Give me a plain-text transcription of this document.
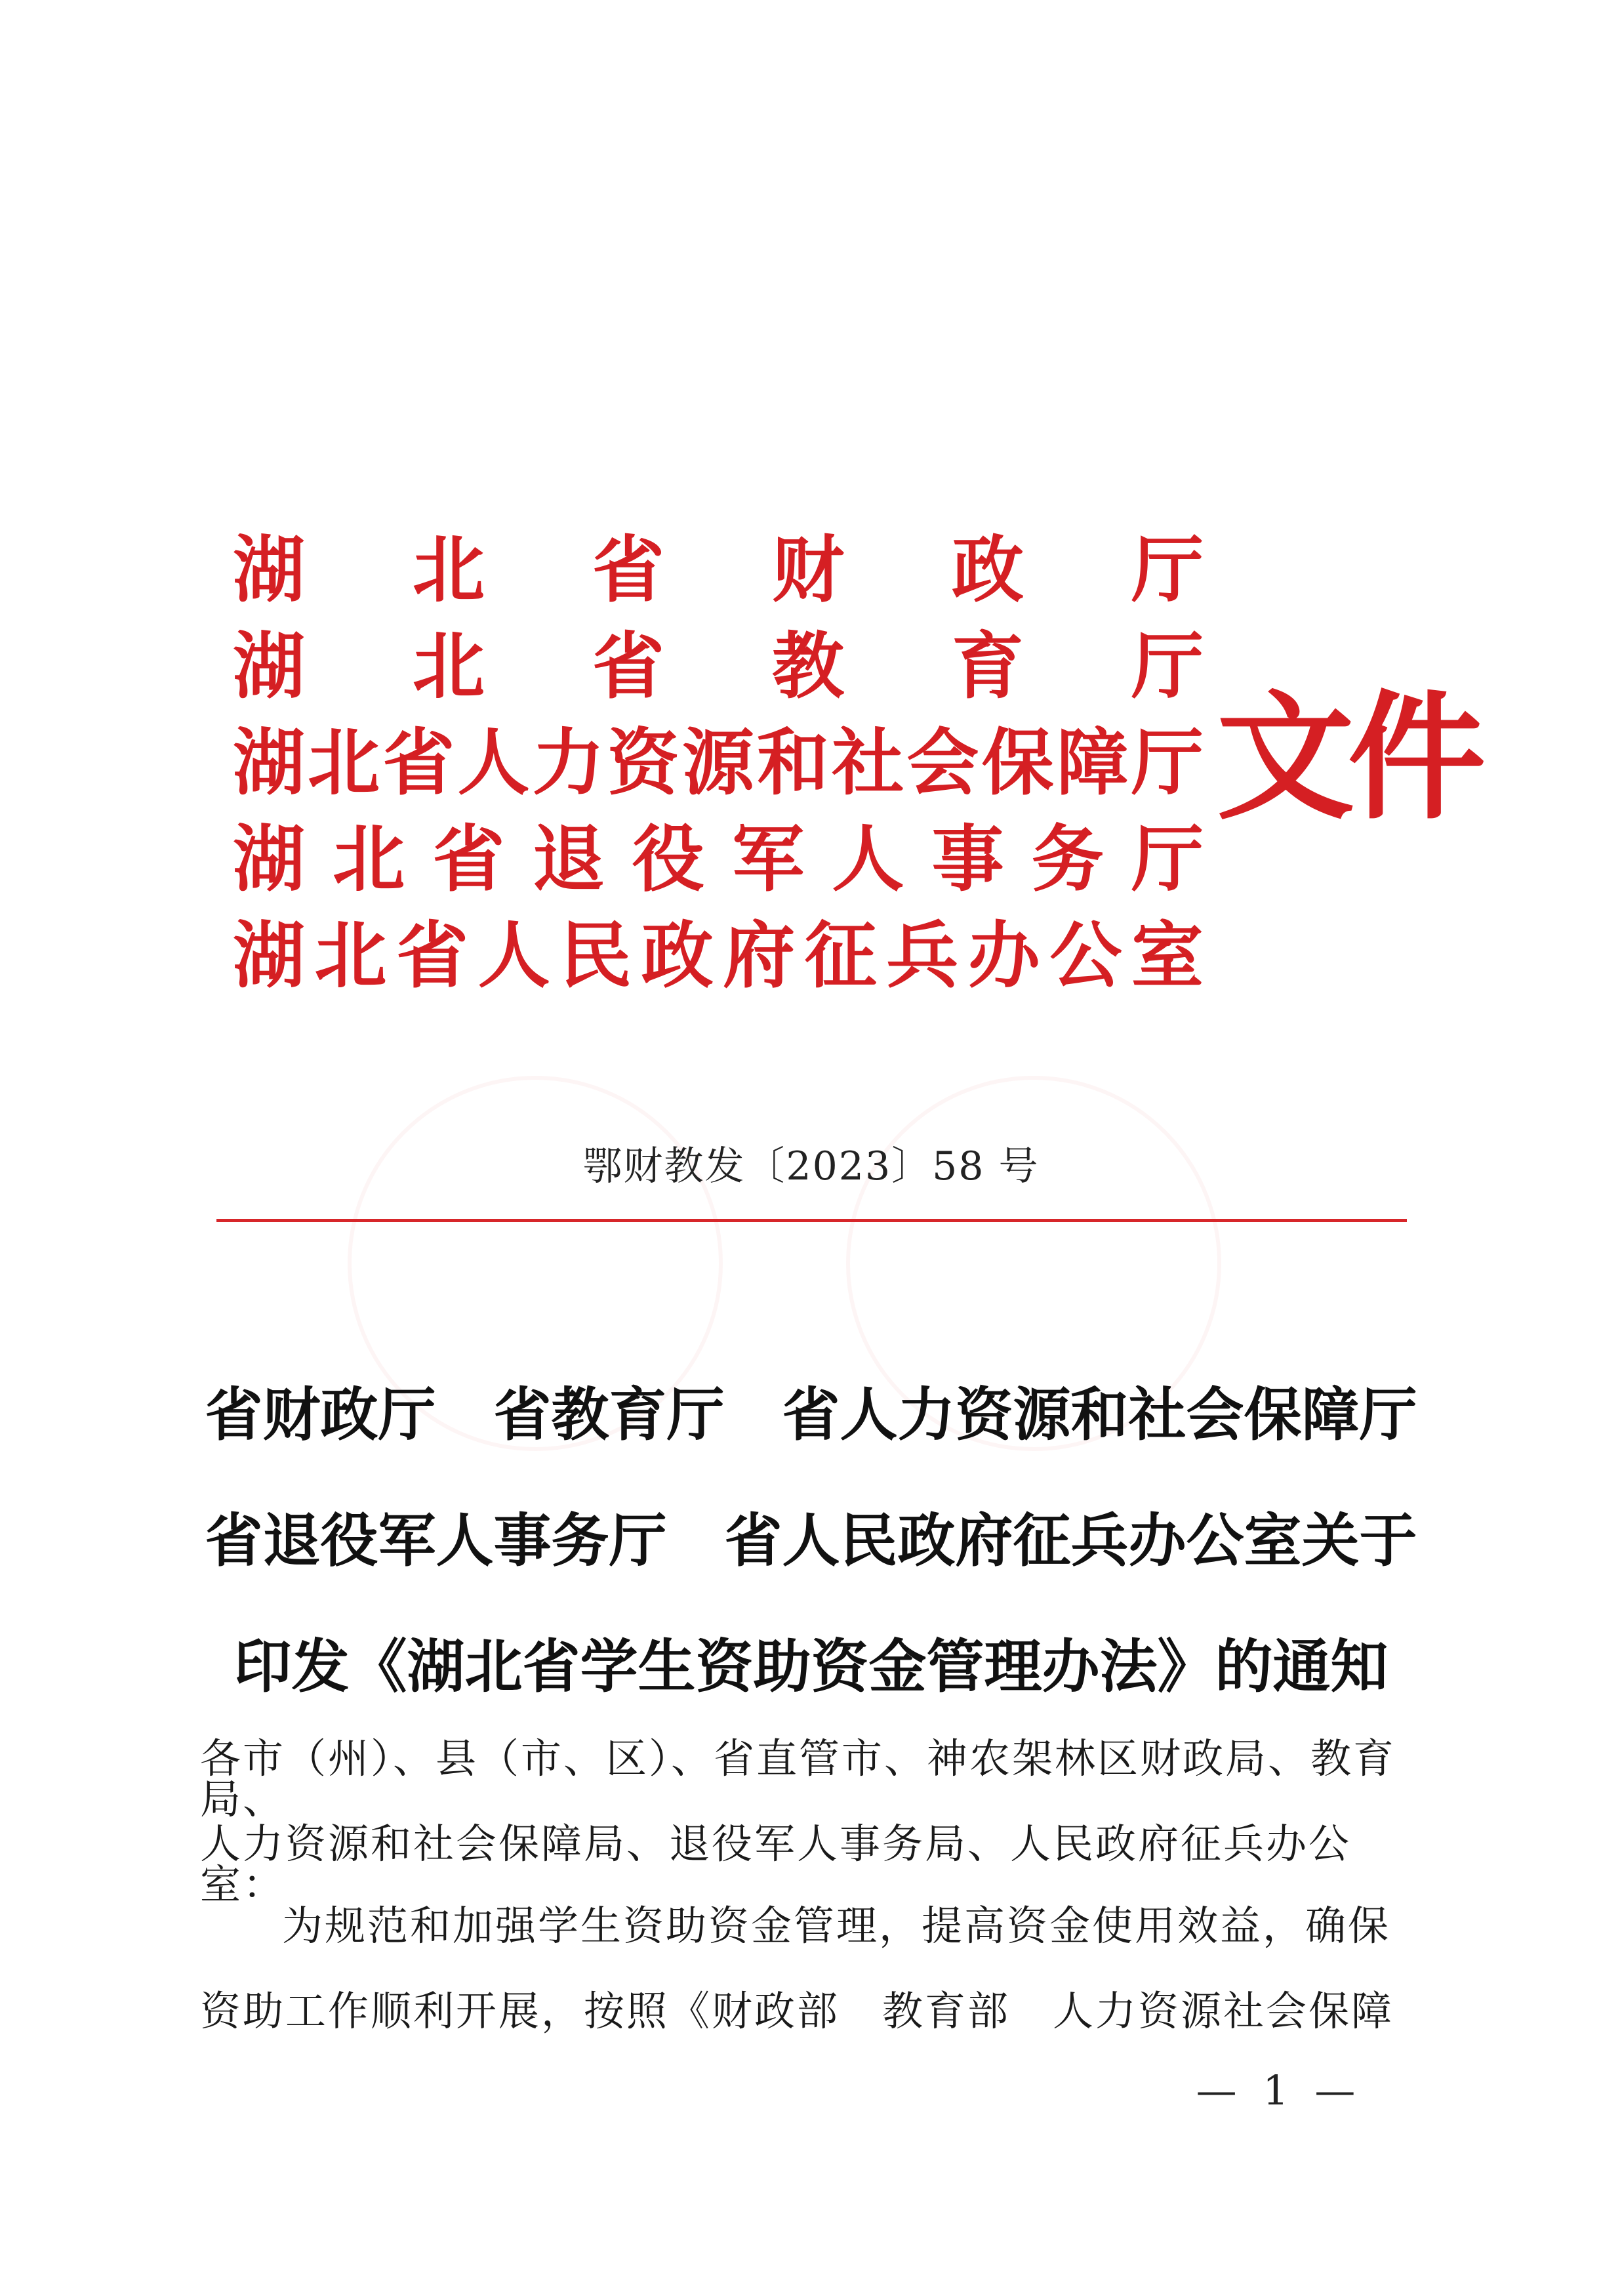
湖 北 省 财 政 厅
湖 北 省 教 育 厅
湖 北 省 人 力 资 源 和 社 会 保 障 厅
湖 北 省 退 役 军 人 事 务 厅
湖 北 省 人 民 政 府 征 兵 办 公 室
文件
鄂财教发〔2023〕58 号
省财政厅　省教育厅　省人力资源和社会保障厅
省退役军人事务厅　省人民政府征兵办公室关于
印发《湖北省学生资助资金管理办法》的通知
各市（州）、县（市、区）、省直管市、神农架林区财政局、教育局、
人力资源和社会保障局、退役军人事务局、人民政府征兵办公室：
为规范和加强学生资助资金管理，提高资金使用效益，确保
资助工作顺利开展，按照《财政部　教育部　人力资源社会保障
— 1 —
